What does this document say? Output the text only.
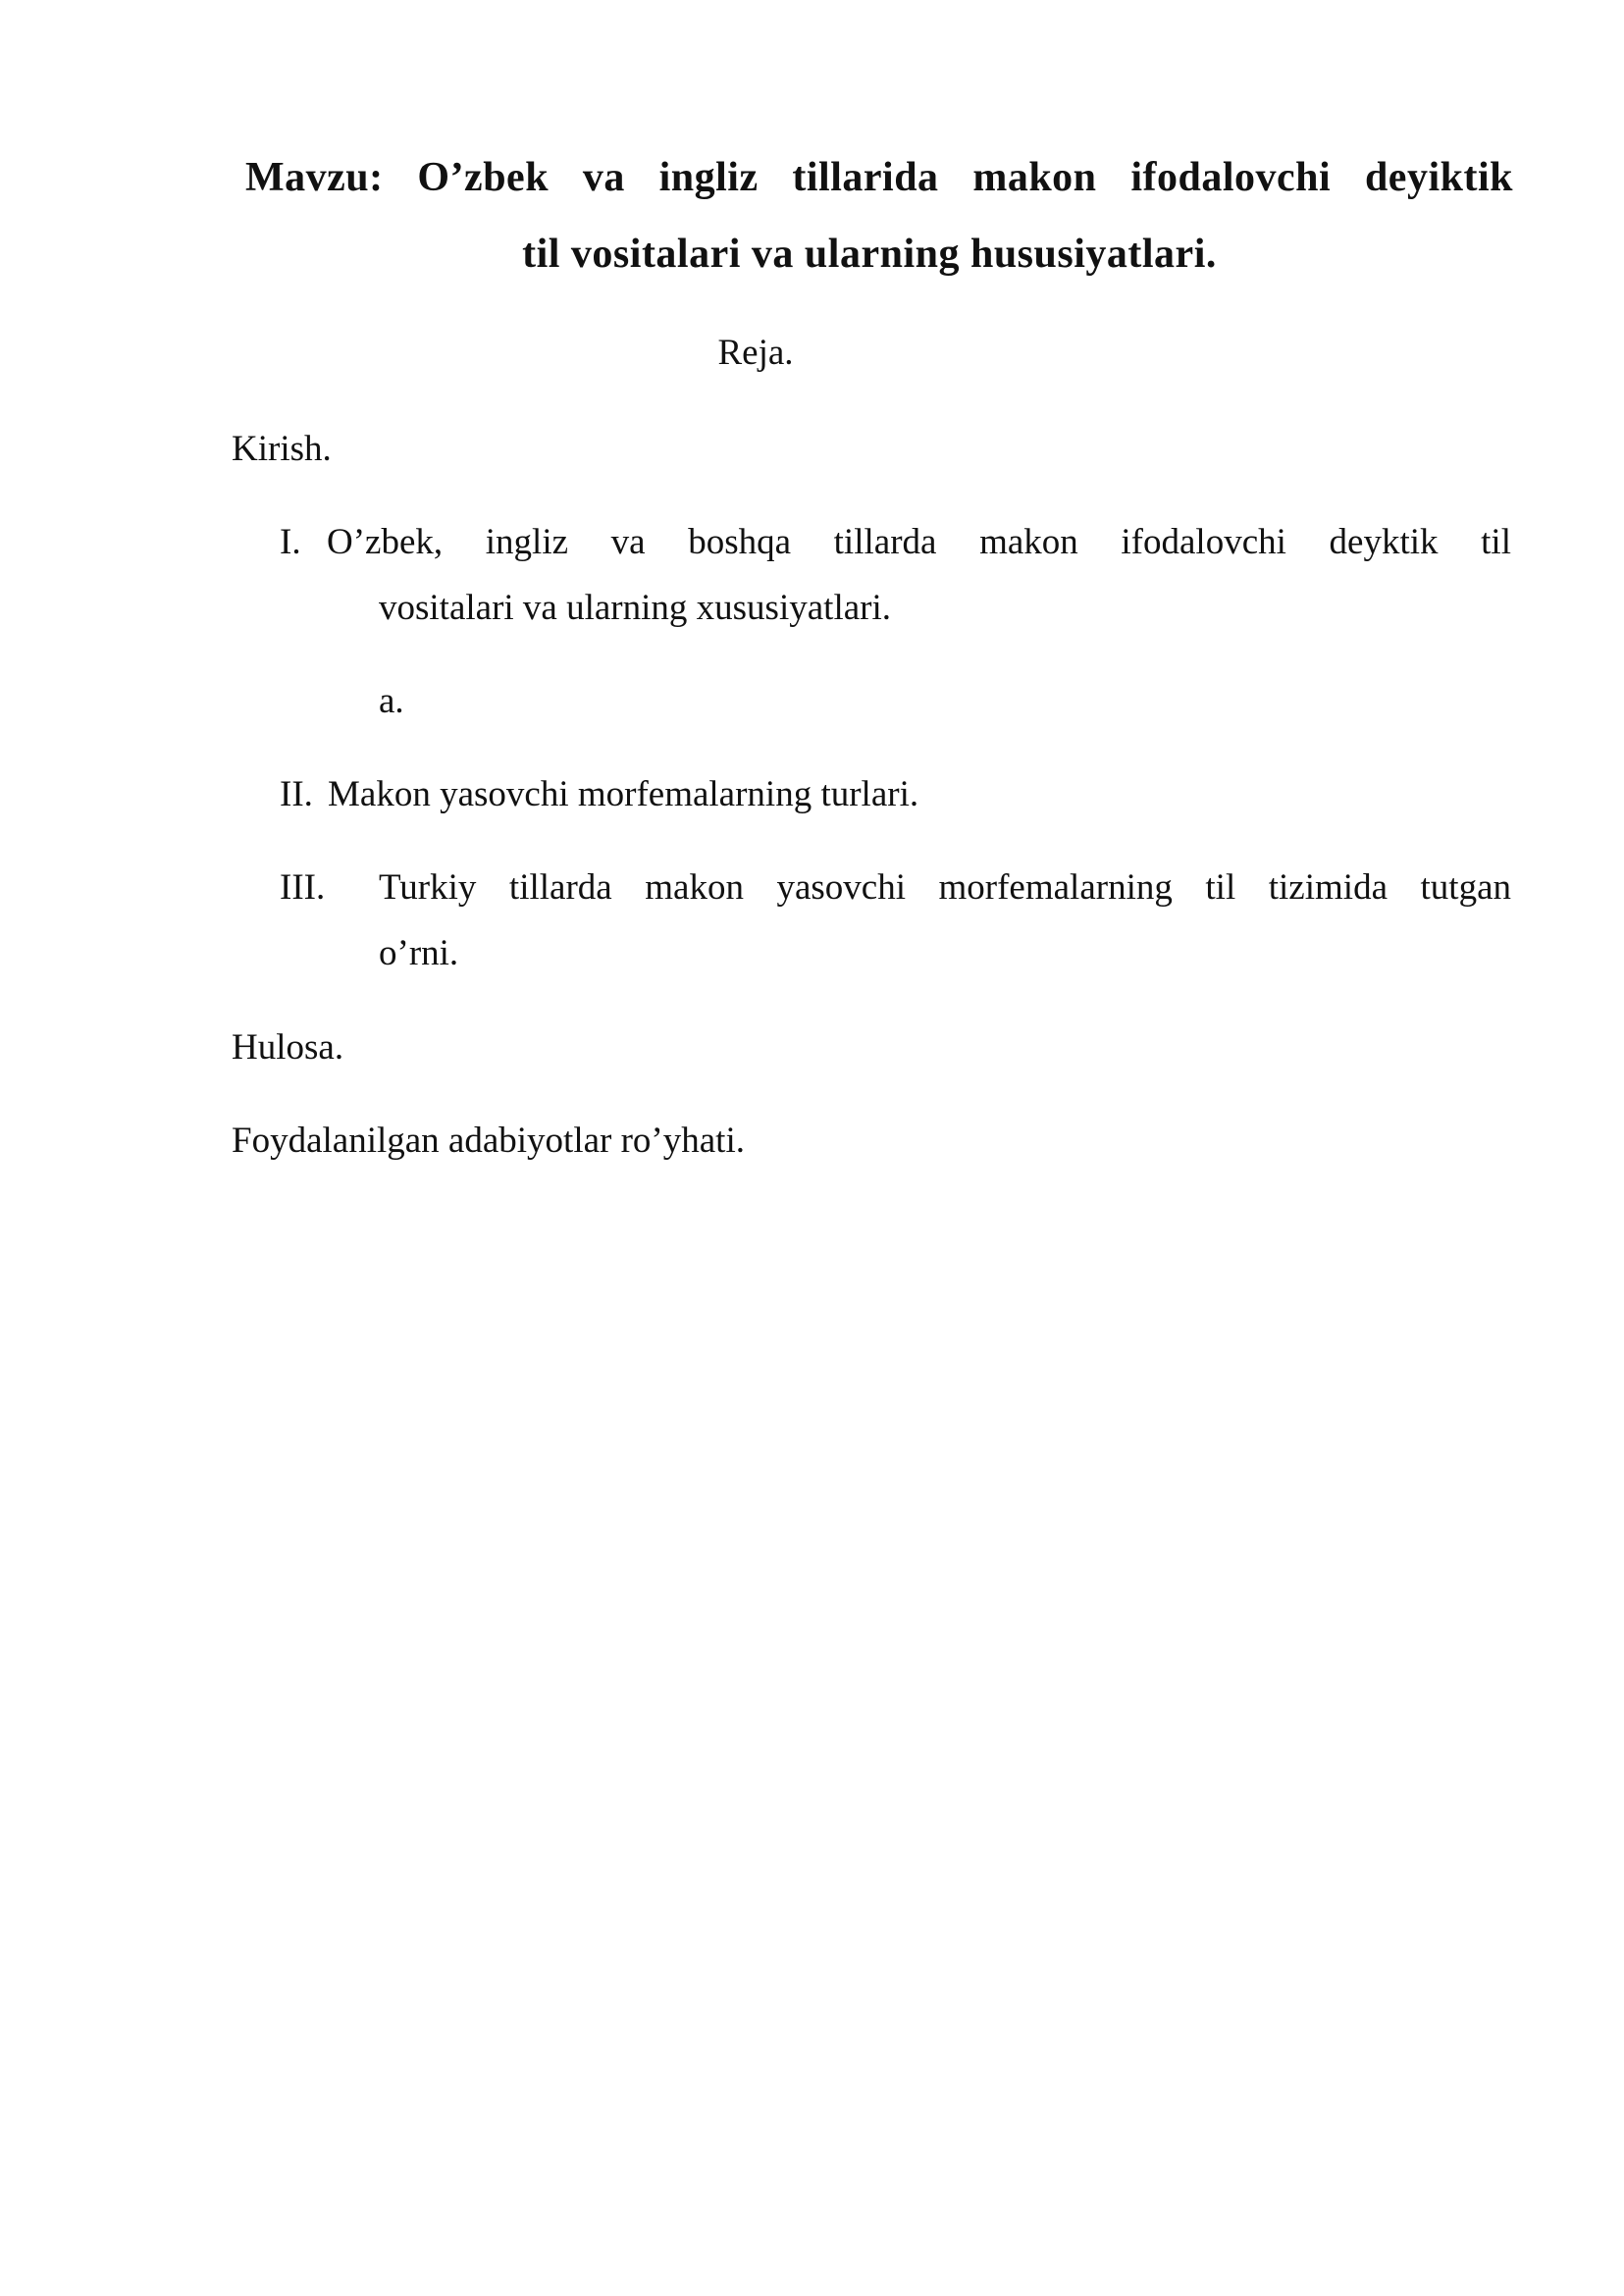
Mavzu: O’zbek va ingliz tillarida makon ifodalovchi deyiktik
til vositalari va ularning hususiyatlari.
Reja.
Kirish.
I. O’zbek, ingliz va boshqa tillarda makon ifodalovchi deyktik til
vositalari va ularning xususiyatlari.
a.
II. Makon yasovchi morfemalarning turlari.
III. Turkiy tillarda makon yasovchi morfemalarning til tizimida tutgan
o’rni.
Hulosa.
Foydalanilgan adabiyotlar ro’yhati.
